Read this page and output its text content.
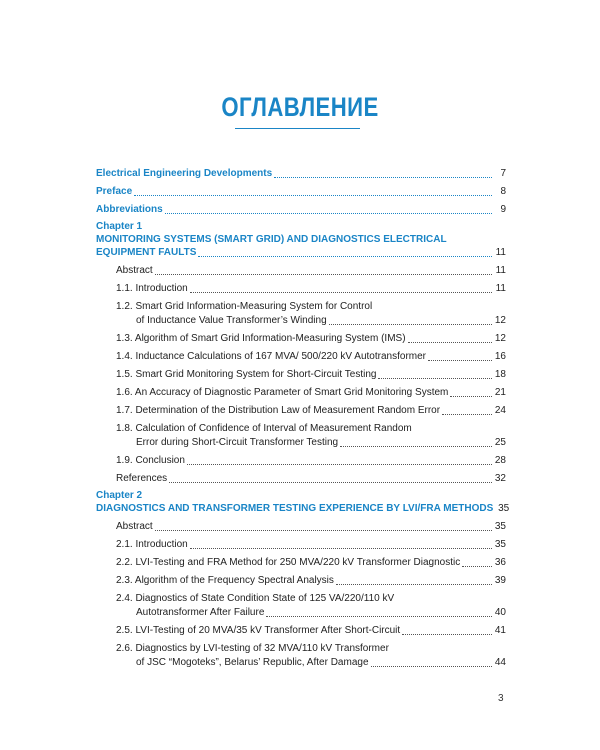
ОГЛАВЛЕНИЕ
Electrical Engineering Developments	7
Preface	8
Abbreviations	9
Chapter 1
MONITORING SYSTEMS (SMART GRID) AND DIAGNOSTICS ELECTRICAL
EQUIPMENT FAULTS	11
Abstract	11
1.1. Introduction	11
1.2. Smart Grid Information-Measuring System for Control
of Inductance Value Transformer’s Winding	12
1.3. Algorithm of Smart Grid Information-Measuring System (IMS)	12
1.4. Inductance Calculations of 167 MVA/ 500/220 kV Autotransformer	16
1.5. Smart Grid Monitoring System for Short-Circuit Testing	18
1.6. An Accuracy of Diagnostic Parameter of Smart Grid Monitoring System	21
1.7. Determination of the Distribution Law of Measurement Random Error	24
1.8. Calculation of Confidence of Interval of Measurement Random
Error during Short-Circuit Transformer Testing	25
1.9. Conclusion	28
References	32
Chapter 2
DIAGNOSTICS AND TRANSFORMER TESTING EXPERIENCE BY LVI/FRA METHODS 35
Abstract	35
2.1. Introduction	35
2.2. LVI-Testing and FRA Method for 250 MVA/220 kV Transformer Diagnostic	36
2.3. Algorithm of the Frequency Spectral Analysis	39
2.4. Diagnostics of State Condition State of 125 VA/220/110 kV
Autotransformer After Failure	40
2.5. LVI-Testing of 20 MVA/35 kV Transformer After Short-Circuit	41
2.6. Diagnostics by LVI-testing of 32 MVA/110 kV Transformer
of JSC “Mogoteks”, Belarus’ Republic, After Damage	44
3
